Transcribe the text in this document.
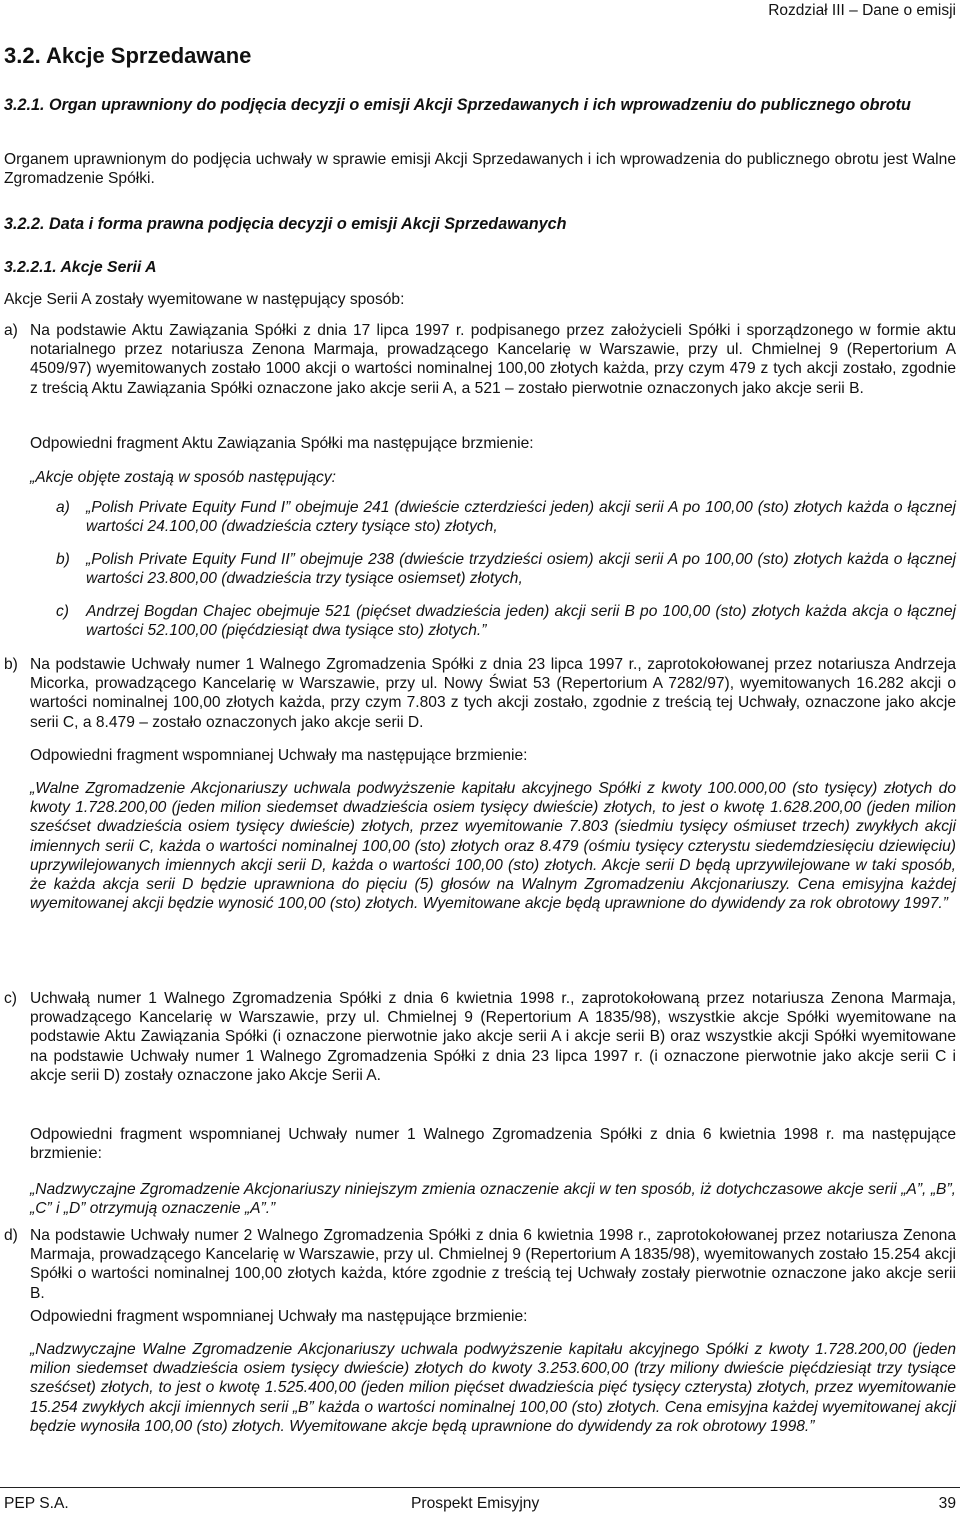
Rozdział III – Dane o emisji
3.2. Akcje Sprzedawane
3.2.1. Organ uprawniony do podjęcia decyzji o emisji Akcji Sprzedawanych i ich wprowadzeniu do publicznego obrotu

Organem uprawnionym do podjęcia uchwały w sprawie emisji Akcji Sprzedawanych i ich wprowadzenia do publicznego obrotu jest Walne Zgromadzenie Spółki.

3.2.2. Data i forma prawna podjęcia decyzji o emisji Akcji Sprzedawanych
3.2.2.1. Akcje Serii A

Akcje Serii A zostały wyemitowane w następujący sposób:

a) Na podstawie Aktu Zawiązania Spółki z dnia 17 lipca 1997 r. podpisanego przez założycieli Spółki i sporządzonego w formie aktu notarialnego przez notariusza Zenona Marmaja, prowadzącego Kancelarię w Warszawie, przy ul. Chmielnej 9 (Repertorium A 4509/97) wyemitowanych zostało 1000 akcji o wartości nominalnej 100,00 złotych każda, przy czym 479 z tych akcji zostało, zgodnie z treścią Aktu Zawiązania Spółki oznaczone jako akcje serii A, a 521 – zostało pierwotnie oznaczonych jako akcje serii B.

Odpowiedni fragment Aktu Zawiązania Spółki ma następujące brzmienie:

„Akcje objęte zostają w sposób następujący:

a) „Polish Private Equity Fund I” obejmuje 241 (dwieście czterdzieści jeden) akcji serii A po 100,00 (sto) złotych każda o łącznej wartości 24.100,00 (dwadzieścia cztery tysiące sto) złotych,

b) „Polish Private Equity Fund II” obejmuje 238 (dwieście trzydzieści osiem) akcji serii A po 100,00 (sto) złotych każda o łącznej wartości 23.800,00 (dwadzieścia trzy tysiące osiemset) złotych,

c) Andrzej Bogdan Chajec obejmuje 521 (pięćset dwadzieścia jeden) akcji serii B po 100,00 (sto) złotych każda akcja o łącznej wartości 52.100,00 (pięćdziesiąt dwa tysiące sto) złotych.”

b) Na podstawie Uchwały numer 1 Walnego Zgromadzenia Spółki z dnia 23 lipca 1997 r., zaprotokołowanej przez notariusza Andrzeja Micorka, prowadzącego Kancelarię w Warszawie, przy ul. Nowy Świat 53 (Repertorium A 7282/97), wyemitowanych 16.282 akcji o wartości nominalnej 100,00 złotych każda, przy czym 7.803 z tych akcji zostało, zgodnie z treścią tej Uchwały, oznaczone jako akcje serii C, a 8.479 – zostało oznaczonych jako akcje serii D.

Odpowiedni fragment wspomnianej Uchwały ma następujące brzmienie:

„Walne Zgromadzenie Akcjonariuszy uchwala podwyższenie kapitału akcyjnego Spółki z kwoty 100.000,00 (sto tysięcy) złotych do kwoty 1.728.200,00 (jeden milion siedemset dwadzieścia osiem tysięcy dwieście) złotych, to jest o kwotę 1.628.200,00 (jeden milion sześćset dwadzieścia osiem tysięcy dwieście) złotych, przez wyemitowanie 7.803 (siedmiu tysięcy ośmiuset trzech) zwykłych akcji imiennych serii C, każda o wartości nominalnej 100,00 (sto) złotych oraz 8.479 (ośmiu tysięcy czterystu siedemdziesięciu dziewięciu) uprzywilejowanych imiennych akcji serii D, każda o wartości 100,00 (sto) złotych. Akcje serii D będą uprzywilejowane w taki sposób, że każda akcja serii D będzie uprawniona do pięciu (5) głosów na Walnym Zgromadzeniu Akcjonariuszy. Cena emisyjna każdej wyemitowanej akcji będzie wynosić 100,00 (sto) złotych. Wyemitowane akcje będą uprawnione do dywidendy za rok obrotowy 1997.”

c) Uchwałą numer 1 Walnego Zgromadzenia Spółki z dnia 6 kwietnia 1998 r., zaprotokołowaną przez notariusza Zenona Marmaja, prowadzącego Kancelarię w Warszawie, przy ul. Chmielnej 9 (Repertorium A 1835/98), wszystkie akcje Spółki wyemitowane na podstawie Aktu Zawiązania Spółki (i oznaczone pierwotnie jako akcje serii A i akcje serii B) oraz wszystkie akcji Spółki wyemitowane na podstawie Uchwały numer 1 Walnego Zgromadzenia Spółki z dnia 23 lipca 1997 r. (i oznaczone pierwotnie jako akcje serii C i akcje serii D) zostały oznaczone jako Akcje Serii A.

Odpowiedni fragment wspomnianej Uchwały numer 1 Walnego Zgromadzenia Spółki z dnia 6 kwietnia 1998 r. ma następujące brzmienie:

„Nadzwyczajne Zgromadzenie Akcjonariuszy niniejszym zmienia oznaczenie akcji w ten sposób, iż dotychczasowe akcje serii „A”, „B”, „C” i „D” otrzymują oznaczenie „A”.”

d) Na podstawie Uchwały numer 2 Walnego Zgromadzenia Spółki z dnia 6 kwietnia 1998 r., zaprotokołowanej przez notariusza Zenona Marmaja, prowadzącego Kancelarię w Warszawie, przy ul. Chmielnej 9 (Repertorium A 1835/98), wyemitowanych zostało 15.254 akcji Spółki o wartości nominalnej 100,00 złotych każda, które zgodnie z treścią tej Uchwały zostały pierwotnie oznaczone jako akcje serii B.

Odpowiedni fragment wspomnianej Uchwały ma następujące brzmienie:

„Nadzwyczajne Walne Zgromadzenie Akcjonariuszy uchwala podwyższenie kapitału akcyjnego Spółki z kwoty 1.728.200,00 (jeden milion siedemset dwadzieścia osiem tysięcy dwieście) złotych do kwoty 3.253.600,00 (trzy miliony dwieście pięćdziesiąt trzy tysiące sześćset) złotych, to jest o kwotę 1.525.400,00 (jeden milion pięćset dwadzieścia pięć tysięcy czterysta) złotych, przez wyemitowanie 15.254 zwykłych akcji imiennych serii „B” każda o wartości nominalnej 100,00 (sto) złotych. Cena emisyjna każdej wyemitowanej akcji będzie wynosiła 100,00 (sto) złotych. Wyemitowane akcje będą uprawnione do dywidendy za rok obrotowy 1998.”

PEP S.A.	Prospekt Emisyjny	39
